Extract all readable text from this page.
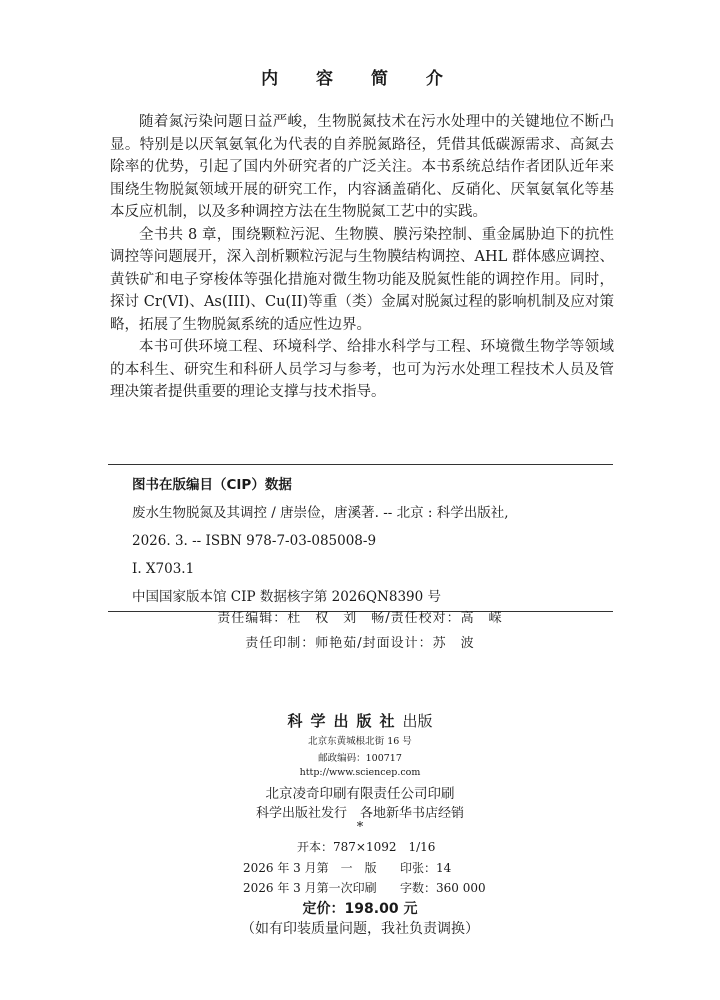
内 容 简 介

随着氮污染问题日益严峻，生物脱氮技术在污水处理中的关键地位不断凸显。特别是以厌氧氨氧化为代表的自养脱氮路径，凭借其低碳源需求、高氮去除率的优势，引起了国内外研究者的广泛关注。本书系统总结作者团队近年来围绕生物脱氮领域开展的研究工作，内容涵盖硝化、反硝化、厌氧氨氧化等基本反应机制，以及多种调控方法在生物脱氮工艺中的实践。

全书共 8 章，围绕颗粒污泥、生物膜、膜污染控制、重金属胁迫下的抗性调控等问题展开，深入剖析颗粒污泥与生物膜结构调控、AHL 群体感应调控、黄铁矿和电子穿梭体等强化措施对微生物功能及脱氮性能的调控作用。同时，探讨 Cr(VI)、As(III)、Cu(II)等重（类）金属对脱氮过程的影响机制及应对策略，拓展了生物脱氮系统的适应性边界。

本书可供环境工程、环境科学、给排水科学与工程、环境微生物学等领域的本科生、研究生和科研人员学习与参考，也可为污水处理工程技术人员及管理决策者提供重要的理论支撑与技术指导。

图书在版编目（CIP）数据
废水生物脱氮及其调控 / 唐崇俭，唐溪著. -- 北京 : 科学出版社,
2026. 3. -- ISBN 978-7-03-085008-9
I. X703.1
中国国家版本馆 CIP 数据核字第 2026QN8390 号
责任编辑：杜　权　刘　畅/责任校对：高　嵘
责任印制：师艳茹/封面设计：苏　波
科学出版社出版
北京东黄城根北街 16 号
邮政编码：100717
http://www.sciencep.com
北京凌奇印刷有限责任公司印刷
科学出版社发行　各地新华书店经销
*
开本：787×1092　1/16
2026 年 3 月第　一　版 印张：14
2026 年 3 月第一次印刷 字数：360 000
定价：198.00 元
（如有印装质量问题，我社负责调换）
